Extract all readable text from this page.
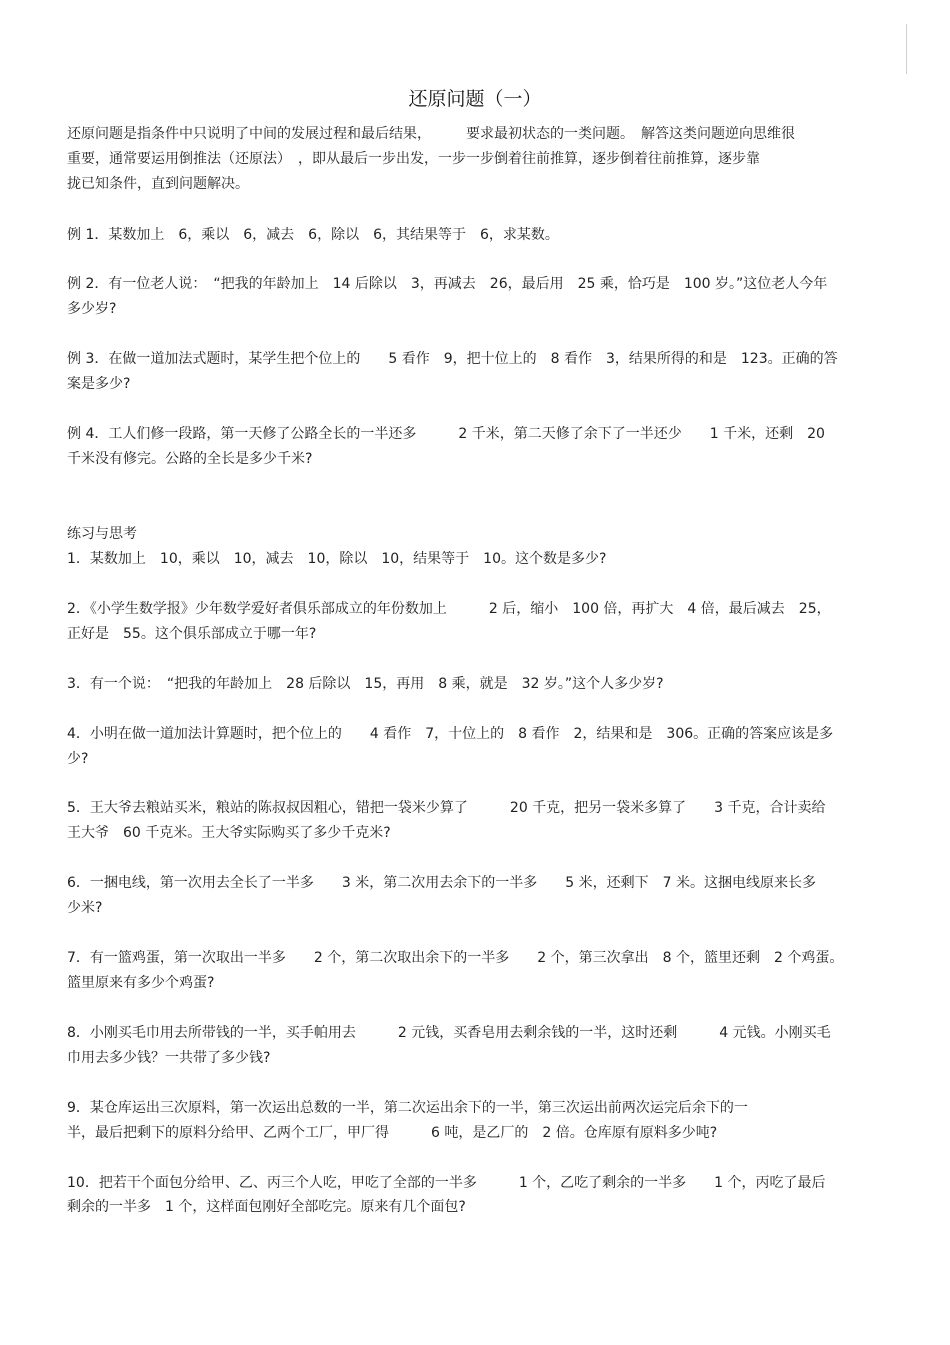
还原问题（一）
还原问题是指条件中只说明了中间的发展过程和最后结果，　　　要求最初状态的一类问题。　解答这类问题逆向思维很
重要，通常要运用倒推法（还原法）　，即从最后一步出发，一步一步倒着往前推算，逐步倒着往前推算，逐步靠
拢已知条件，直到问题解决。
例 1．某数加上　6，乘以　6，减去　6，除以　6，其结果等于　6，求某数。
例 2．有一位老人说：　“把我的年龄加上　14 后除以　3，再减去　26，最后用　25 乘，恰巧是　100 岁。”这位老人今年
多少岁?
例 3．在做一道加法式题时，某学生把个位上的　　5 看作　9，把十位上的　8 看作　3，结果所得的和是　123。正确的答
案是多少?
例 4．工人们修一段路，第一天修了公路全长的一半还多　　　2 千米，第二天修了余下了一半还少　　1 千米，还剩　20
千米没有修完。公路的全长是多少千米?
练习与思考
1．某数加上　10，乘以　10，减去　10，除以　10，结果等于　10。这个数是多少?
2．《小学生数学报》少年数学爱好者俱乐部成立的年份数加上　　　2 后，缩小　100 倍，再扩大　4 倍，最后减去　25，
正好是　55。这个俱乐部成立于哪一年?
3．有一个说：　“把我的年龄加上　28 后除以　15，再用　8 乘，就是　32 岁。”这个人多少岁?
4．小明在做一道加法计算题时，把个位上的　　4 看作　7，十位上的　8 看作　2，结果和是　306。正确的答案应该是多
少?
5．王大爷去粮站买米，粮站的陈叔叔因粗心，错把一袋米少算了　　　20 千克，把另一袋米多算了　　3 千克，合计卖给
王大爷　60 千克米。王大爷实际购买了多少千克米?
6．一捆电线，第一次用去全长了一半多　　3 米，第二次用去余下的一半多　　5 米，还剩下　7 米。这捆电线原来长多
少米?
7．有一篮鸡蛋，第一次取出一半多　　2 个，第二次取出余下的一半多　　2 个，第三次拿出　8 个，篮里还剩　2 个鸡蛋。
篮里原来有多少个鸡蛋?
8．小刚买毛巾用去所带钱的一半，买手帕用去　　　2 元钱，买香皂用去剩余钱的一半，这时还剩　　　4 元钱。小刚买毛
巾用去多少钱？一共带了多少钱?
9．某仓库运出三次原料，第一次运出总数的一半，第二次运出余下的一半，第三次运出前两次运完后余下的一
半，最后把剩下的原料分给甲、乙两个工厂，甲厂得　　　6 吨，是乙厂的　2 倍。仓库原有原料多少吨?
10．把若干个面包分给甲、乙、丙三个人吃，甲吃了全部的一半多　　　1 个，乙吃了剩余的一半多　　1 个，丙吃了最后
剩余的一半多　1 个，这样面包刚好全部吃完。原来有几个面包?
